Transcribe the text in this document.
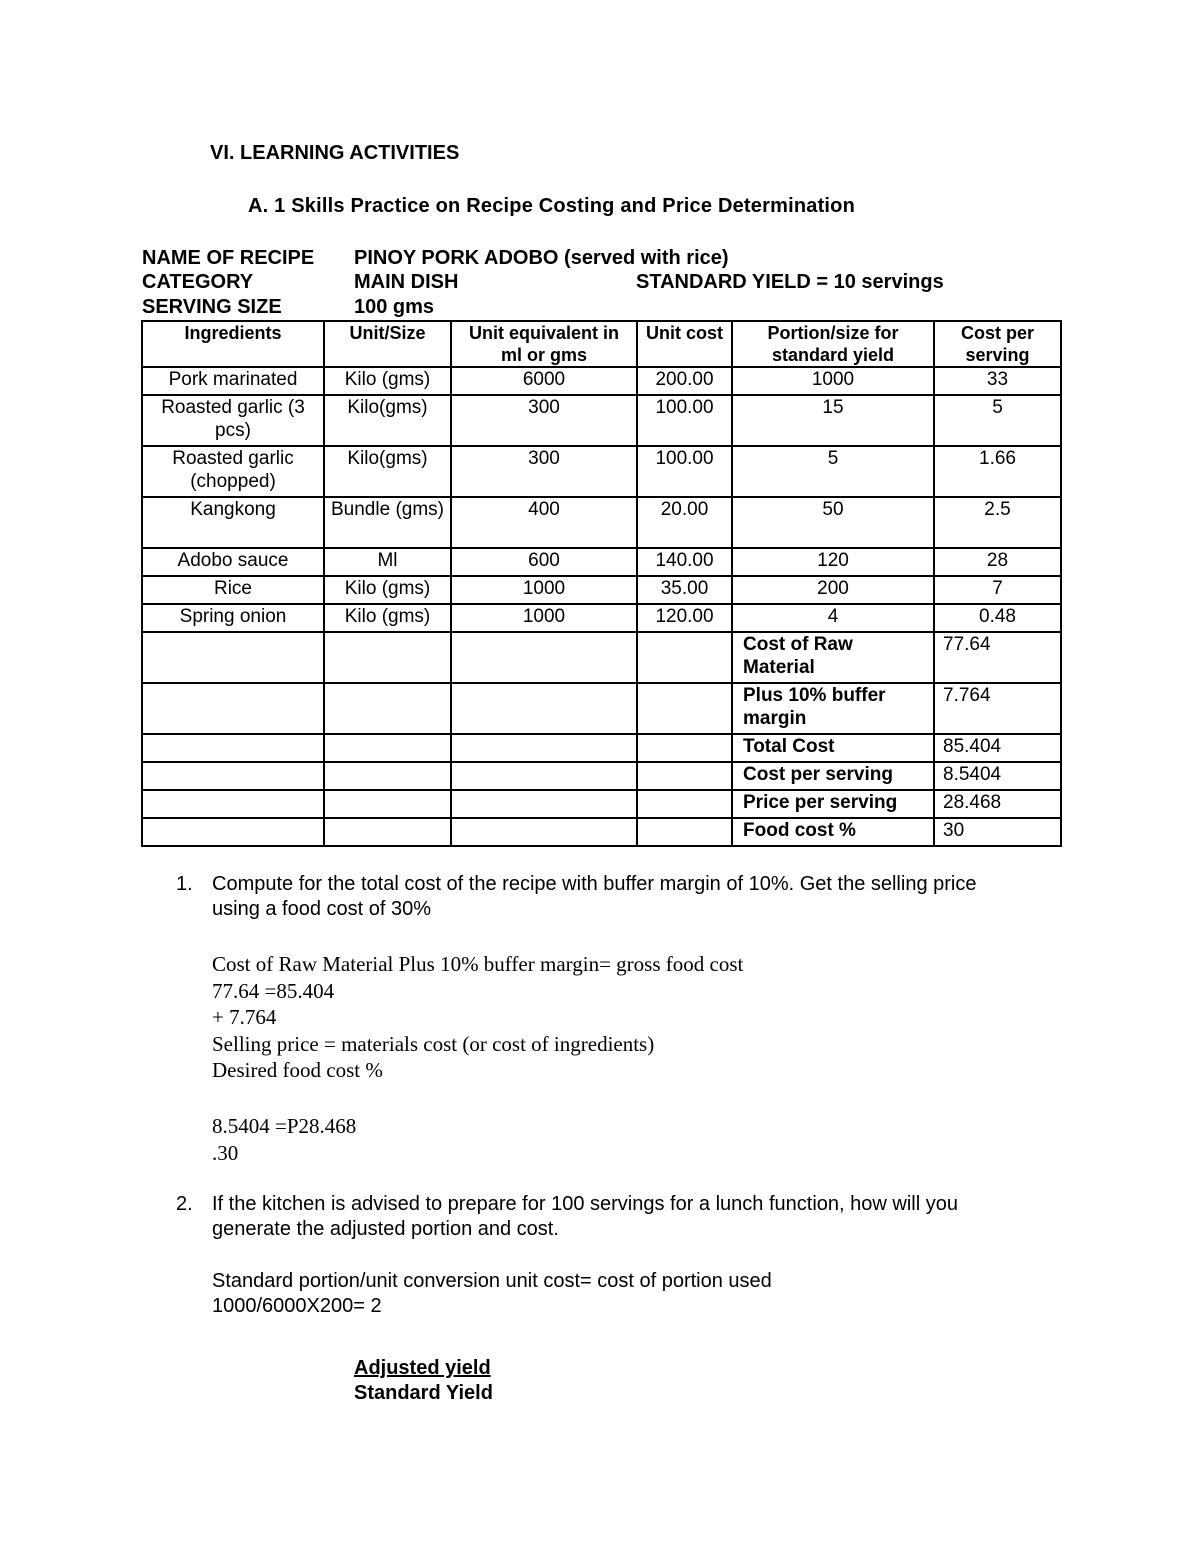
VI. LEARNING ACTIVITIES
A. 1 Skills Practice on Recipe Costing and Price Determination
NAME OF RECIPE PINOY PORK ADOBO (served with rice)
CATEGORY	MAIN DISH	STANDARD YIELD = 10 servings
SERVING SIZE	100 gms
Ingredients	Unit/Size	Unit equivalent in ml or gms	Unit cost	Portion/size for standard yield	Cost per serving
Pork marinated	Kilo (gms)	6000	200.00	1000	33
Roasted garlic (3 pcs)	Kilo(gms)	300	100.00	15	5
Roasted garlic (chopped)	Kilo(gms)	300	100.00	5	1.66
Kangkong	Bundle (gms)	400	20.00	50	2.5
Adobo sauce	Ml	600	140.00	120	28
Rice	Kilo (gms)	1000	35.00	200	7
Spring onion	Kilo (gms)	1000	120.00	4	0.48
				Cost of Raw Material	77.64
				Plus 10% buffer margin	7.764
				Total Cost	85.404
				Cost per serving	8.5404
				Price per serving	28.468
				Food cost %	30
1. Compute for the total cost of the recipe with buffer margin of 10%. Get the selling price
using a food cost of 30%
Cost of Raw Material Plus 10% buffer margin= gross food cost
77.64 =85.404
+ 7.764
Selling price = materials cost (or cost of ingredients)
Desired food cost %
8.5404 =P28.468
.30
2. If the kitchen is advised to prepare for 100 servings for a lunch function, how will you
generate the adjusted portion and cost.
Standard portion/unit conversion unit cost= cost of portion used
1000/6000X200= 2
Adjusted yield
Standard Yield
